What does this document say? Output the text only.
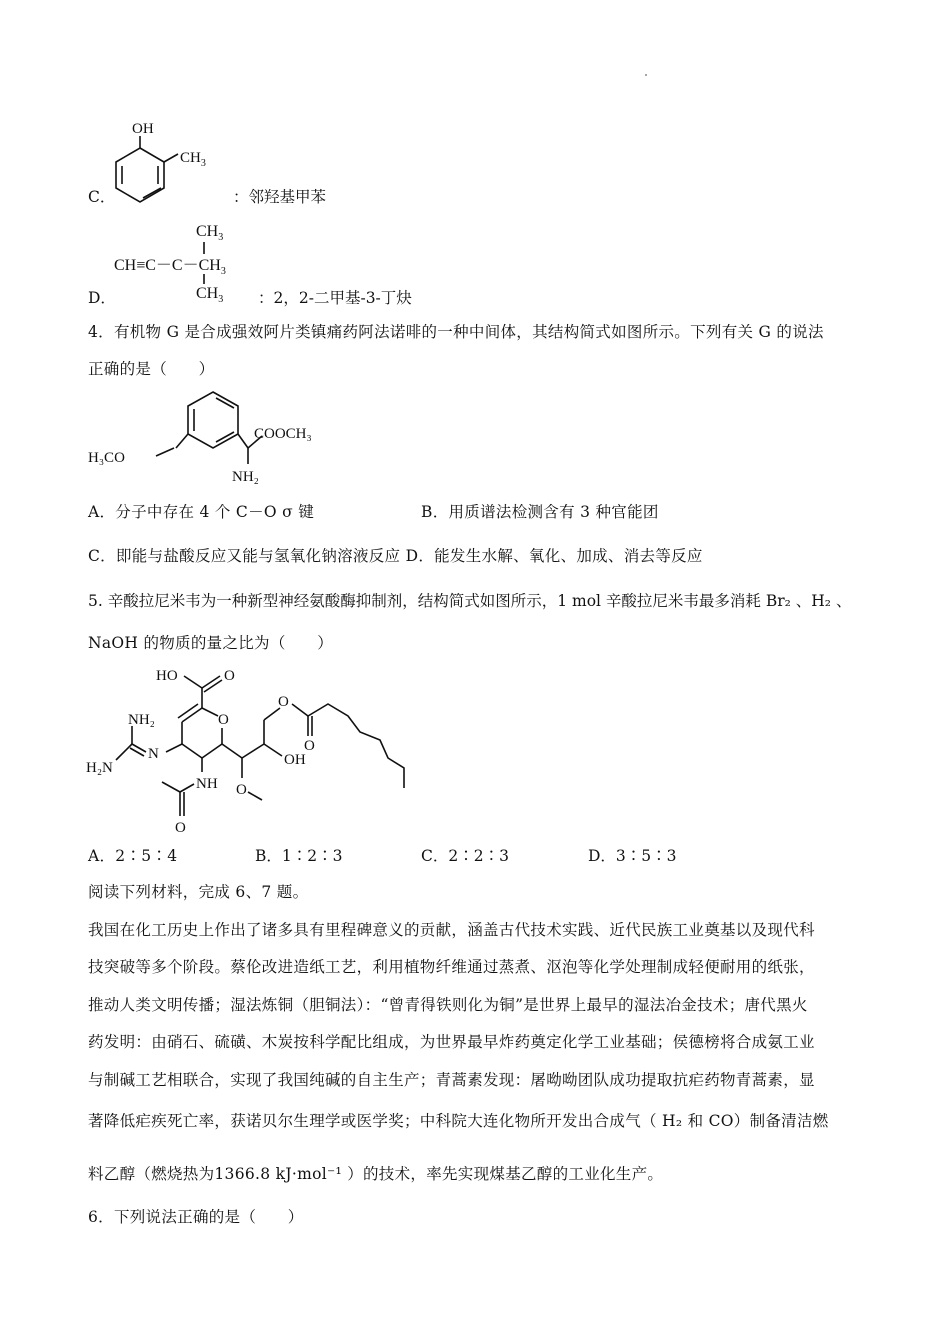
OH
$CH_3$
C．	：邻羟基甲苯
$CH_3$
$CH\equiv C-C-CH_3$
$CH_3$
D．	：2，2-二甲基-3-丁炔
4．有机物 G 是合成强效阿片类镇痛药阿法诺啡的一种中间体，其结构简式如图所示。下列有关 G 的说法
正确的是（　　）
H₃CO
COOCH₃
NH₂
A．分子中存在 4 个 C－O σ 键	B．用质谱法检测含有 3 种官能团
C．即能与盐酸反应又能与氢氧化钠溶液反应 D．能发生水解、氧化、加成、消去等反应
5. 辛酸拉尼米韦为一种新型神经氨酸酶抑制剂，结构简式如图所示，1 mol 辛酸拉尼米韦最多消耗 Br₂ 、H₂ 、
NaOH 的物质的量之比为（　　）
HO	O
O
N
NH₂
H₂N
NH
O
O
OH
O
O
A．2∶5∶4	B．1∶2∶3	C．2∶2∶3	D．3∶5∶3
阅读下列材料，完成 6、7 题。
我国在化工历史上作出了诸多具有里程碑意义的贡献，涵盖古代技术实践、近代民族工业奠基以及现代科
技突破等多个阶段。蔡伦改进造纸工艺，利用植物纤维通过蒸煮、沤泡等化学处理制成轻便耐用的纸张，
推动人类文明传播；湿法炼铜（胆铜法）：“曾青得铁则化为铜”是世界上最早的湿法冶金技术；唐代黑火
药发明：由硝石、硫磺、木炭按科学配比组成，为世界最早炸药奠定化学工业基础；侯德榜将合成氨工业
与制碱工艺相联合，实现了我国纯碱的自主生产；青蒿素发现：屠呦呦团队成功提取抗疟药物青蒿素，显
著降低疟疾死亡率，获诺贝尔生理学或医学奖；中科院大连化物所开发出合成气（ H₂ 和 CO）制备清洁燃
料乙醇（燃烧热为1366.8 kJ·mol⁻¹ ）的技术，率先实现煤基乙醇的工业化生产。
6．下列说法正确的是（　　）
